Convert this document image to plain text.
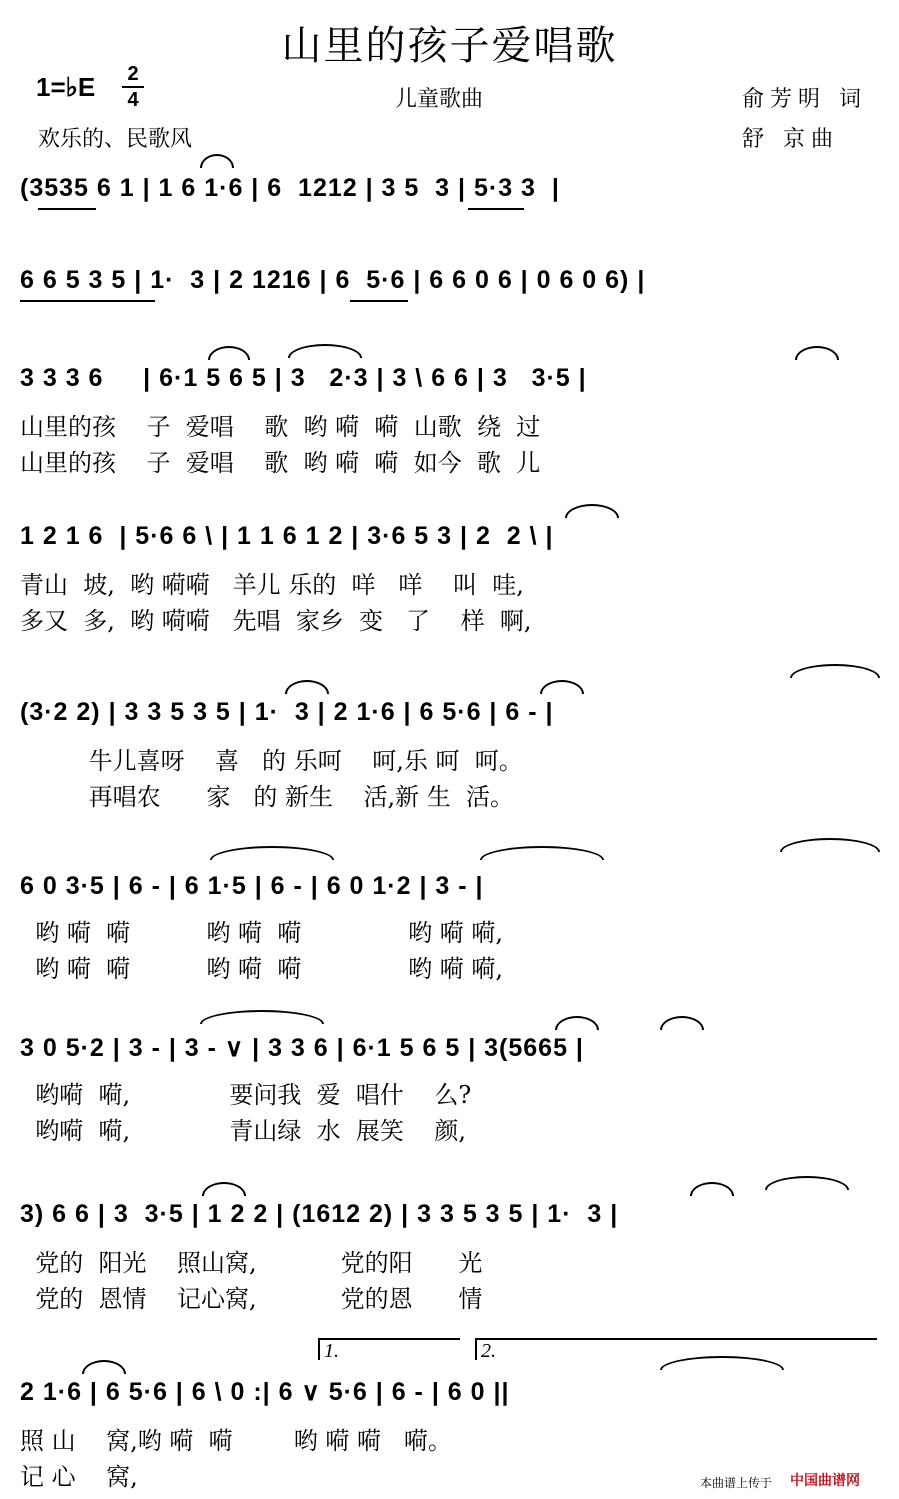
山里的孩子爱唱歌
1=♭E 2
4	儿童歌曲
欢乐的、民歌风
俞芳明 词
舒 京曲
(3535 6 1 | 1 6 1·6 | 6  1212 | 3 5  3 | 5·3 3  |
6 6 5 3 5 | 1·  3 | 2 1216 | 6  5·6 | 6 6 0 6 | 0 6 0 6) |
3 3 3 6     | 6·1 5 6 5 | 3   2·3 | 3 \ 6 6 | 3   3·5 |
山里的孩    子  爱唱    歌  哟 嗬  嗬  山歌  绕  过
山里的孩    子  爱唱    歌  哟 嗬  嗬  如今  歌  儿
1 2 1 6  | 5·6 6 \ | 1 1 6 1 2 | 3·6 5 3 | 2  2 \ |
青山  坡,  哟 嗬嗬   羊儿 乐的  咩   咩    叫  哇,
多又  多,  哟 嗬嗬   先唱  家乡  变   了    样  啊,
(3·2 2) | 3 3 5 3 5 | 1·  3 | 2 1·6 | 6 5·6 | 6 - |
牛儿喜呀    喜   的 乐呵    呵,乐 呵  呵。
再唱农      家   的 新生    活,新 生  活。
6 0 3·5 | 6 - | 6 1·5 | 6 - | 6 0 1·2 | 3 - |
哟 嗬  嗬          哟 嗬  嗬              哟 嗬 嗬,
哟 嗬  嗬          哟 嗬  嗬              哟 嗬 嗬,
3 0 5·2 | 3 - | 3 - ∨ | 3 3 6 | 6·1 5 6 5 | 3(5665 |
哟嗬  嗬,             要问我  爱  唱什    么?
哟嗬  嗬,             青山绿  水  展笑    颜,
3) 6 6 | 3  3·5 | 1 2 2 | (1612 2) | 3 3 5 3 5 | 1·  3 |
党的  阳光    照山窝,           党的阳      光
党的  恩情    记心窝,           党的恩      情
1.	2.
2 1·6 | 6 5·6 | 6 \ 0 :| 6 ∨ 5·6 | 6 - | 6 0 ||
照 山    窝,哟 嗬  嗬        哟 嗬 嗬   嗬。
记 心    窝,	本曲谱上传于 中国曲谱网
